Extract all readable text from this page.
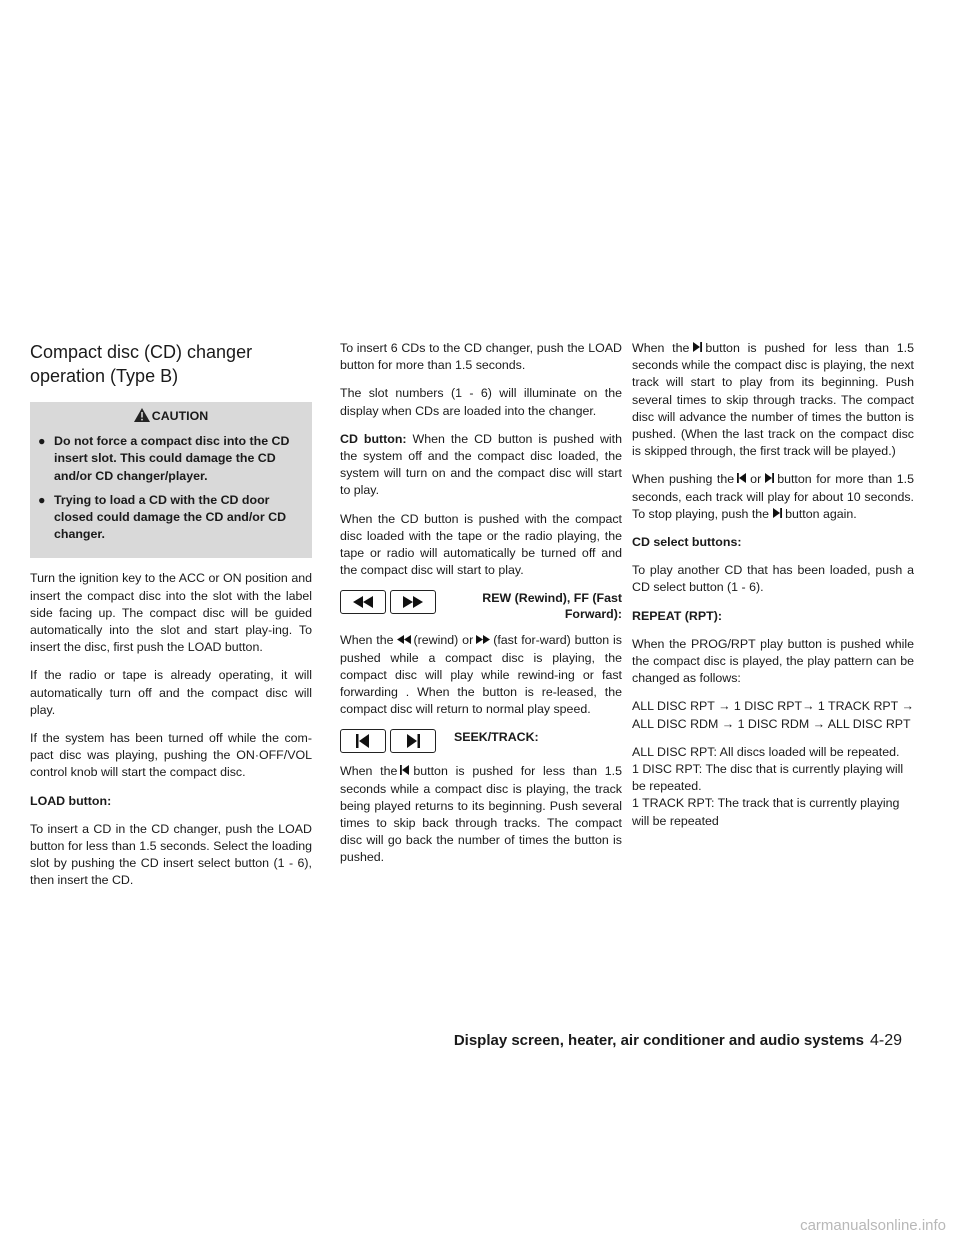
Compact disc (CD) changer operation (Type B)
CAUTION
● Do not force a compact disc into the CD insert slot. This could damage the CD and/or CD changer/player.
● Trying to load a CD with the CD door closed could damage the CD and/or CD changer.

Turn the ignition key to the ACC or ON position and insert the compact disc into the slot with the label side facing up. The compact disc will be guided automatically into the slot and start play-ing. To insert the disc, first push the LOAD button.

If the radio or tape is already operating, it will automatically turn off and the compact disc will play.

If the system has been turned off while the com-pact disc was playing, pushing the ON·OFF/VOL control knob will start the compact disc.

LOAD button:

To insert a CD in the CD changer, push the LOAD button for less than 1.5 seconds. Select the loading slot by pushing the CD insert select button (1 - 6), then insert the CD.

To insert 6 CDs to the CD changer, push the LOAD button for more than 1.5 seconds.

The slot numbers (1 - 6) will illuminate on the display when CDs are loaded into the changer.

CD button: When the CD button is pushed with the system off and the compact disc loaded, the system will turn on and the compact disc will start to play.

When the CD button is pushed with the compact disc loaded with the tape or the radio playing, the tape or radio will automatically be turned off and the compact disc will start to play.

REW (Rewind), FF (Fast Forward):

When the (rewind) or (fast for-ward) button is pushed while a compact disc is playing, the compact disc will play while rewind-ing or fast forwarding . When the button is re-leased, the compact disc will return to normal play speed.

SEEK/TRACK:

When the button is pushed for less than 1.5 seconds while a compact disc is playing, the track being played returns to its beginning. Push several times to skip back through tracks. The compact disc will go back the number of times the button is pushed.

When the button is pushed for less than 1.5 seconds while the compact disc is playing, the next track will start to play from its beginning. Push several times to skip through tracks. The compact disc will advance the number of times the button is pushed. (When the last track on the compact disc is skipped through, the first track will be played.)

When pushing the or button for more than 1.5 seconds, each track will play for about 10 seconds. To stop playing, push the button again.

CD select buttons:

To play another CD that has been loaded, push a CD select button (1 - 6).

REPEAT (RPT):

When the PROG/RPT play button is pushed while the compact disc is played, the play pattern can be changed as follows:

ALL DISC RPT → 1 DISC RPT→ 1 TRACK RPT → ALL DISC RDM → 1 DISC RDM → ALL DISC RPT

ALL DISC RPT: All discs loaded will be repeated.

1 DISC RPT: The disc that is currently playing will be repeated.

1 TRACK RPT: The track that is currently playing will be repeated

Display screen, heater, air conditioner and audio systems 4-29
carmanualsonline.info
